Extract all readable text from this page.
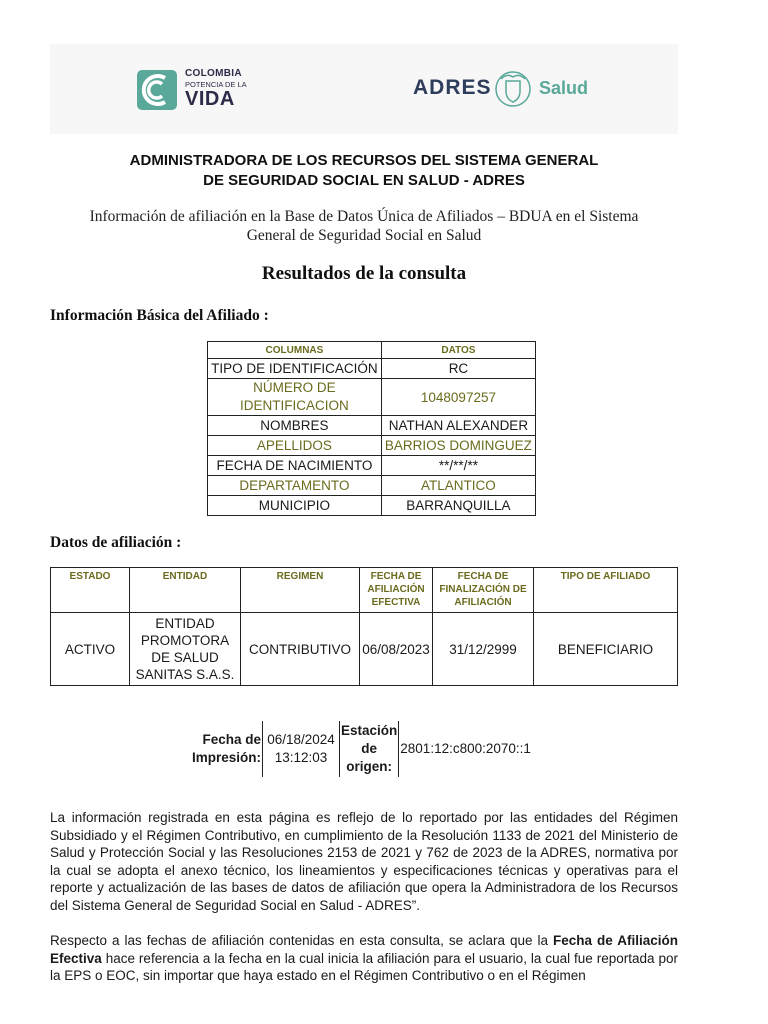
COLOMBIA
POTENCIA DE LA
VIDA	ADRES	Salud
ADMINISTRADORA DE LOS RECURSOS DEL SISTEMA GENERAL
DE SEGURIDAD SOCIAL EN SALUD - ADRES
Información de afiliación en la Base de Datos Única de Afiliados – BDUA en el Sistema
General de Seguridad Social en Salud
Resultados de la consulta
Información Básica del Afiliado :
COLUMNAS	DATOS
TIPO DE IDENTIFICACIÓN	RC
NÚMERO DE IDENTIFICACION	1048097257
NOMBRES	NATHAN ALEXANDER
APELLIDOS	BARRIOS DOMINGUEZ
FECHA DE NACIMIENTO	**/**/**
DEPARTAMENTO	ATLANTICO
MUNICIPIO	BARRANQUILLA
Datos de afiliación :
ESTADO	ENTIDAD	REGIMEN	FECHA DE AFILIACIÓN EFECTIVA	FECHA DE FINALIZACIÓN DE AFILIACIÓN	TIPO DE AFILIADO
ACTIVO	ENTIDAD PROMOTORA DE SALUD SANITAS S.A.S.	CONTRIBUTIVO	06/08/2023	31/12/2999	BENEFICIARIO
Fecha de Impresión:	06/18/2024 13:12:03	Estación de origen:	2801:12:c800:2070::1
La información registrada en esta página es reflejo de lo reportado por las entidades del Régimen Subsidiado y el Régimen Contributivo, en cumplimiento de la Resolución 1133 de 2021 del Ministerio de Salud y Protección Social y las Resoluciones 2153 de 2021 y 762 de 2023 de la ADRES, normativa por la cual se adopta el anexo técnico, los lineamientos y especificaciones técnicas y operativas para el reporte y actualización de las bases de datos de afiliación que opera la Administradora de los Recursos del Sistema General de Seguridad Social en Salud - ADRES”.
Respecto a las fechas de afiliación contenidas en esta consulta, se aclara que la Fecha de Afiliación Efectiva hace referencia a la fecha en la cual inicia la afiliación para el usuario, la cual fue reportada por la EPS o EOC, sin importar que haya estado en el Régimen Contributivo o en el Régimen
